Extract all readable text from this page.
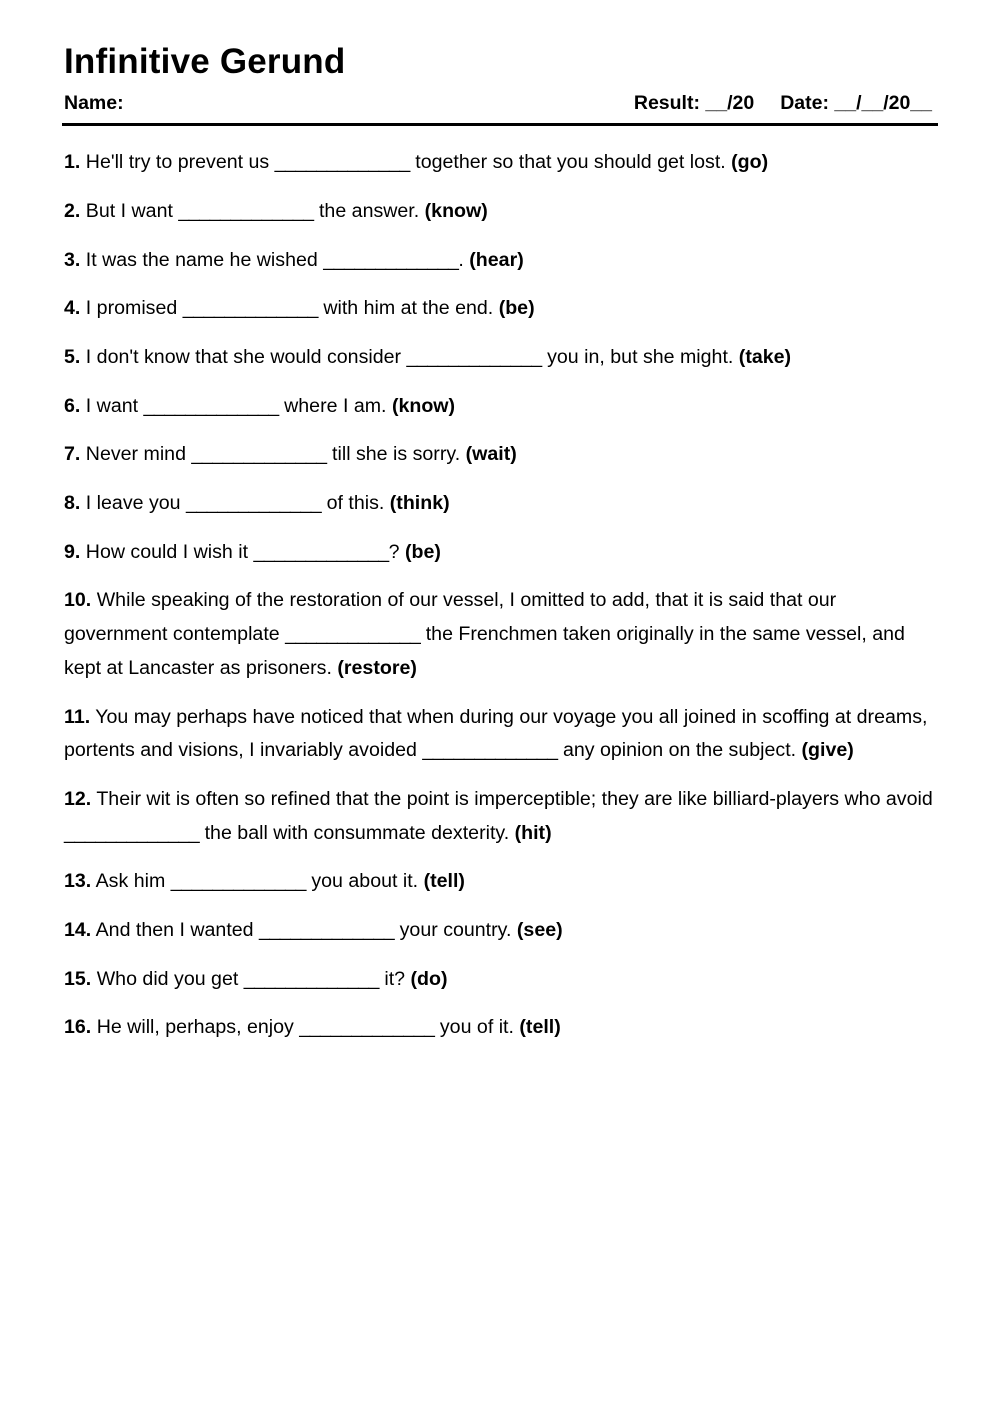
Infinitive Gerund
Name:	Result: __/20 Date: __/__/20__

1. He'll try to prevent us _____________ together so that you should get lost. (go)

2. But I want _____________ the answer. (know)

3. It was the name he wished _____________. (hear)

4. I promised _____________ with him at the end. (be)

5. I don't know that she would consider _____________ you in, but she might. (take)

6. I want _____________ where I am. (know)

7. Never mind _____________ till she is sorry. (wait)

8. I leave you _____________ of this. (think)

9. How could I wish it _____________? (be)

10. While speaking of the restoration of our vessel, I omitted to add, that it is said that our government contemplate _____________ the Frenchmen taken originally in the same vessel, and kept at Lancaster as prisoners. (restore)

11. You may perhaps have noticed that when during our voyage you all joined in scoffing at dreams, portents and visions, I invariably avoided _____________ any opinion on the subject. (give)

12. Their wit is often so refined that the point is imperceptible; they are like billiard-players who avoid _____________ the ball with consummate dexterity. (hit)

13. Ask him _____________ you about it. (tell)

14. And then I wanted _____________ your country. (see)

15. Who did you get _____________ it? (do)

16. He will, perhaps, enjoy _____________ you of it. (tell)
